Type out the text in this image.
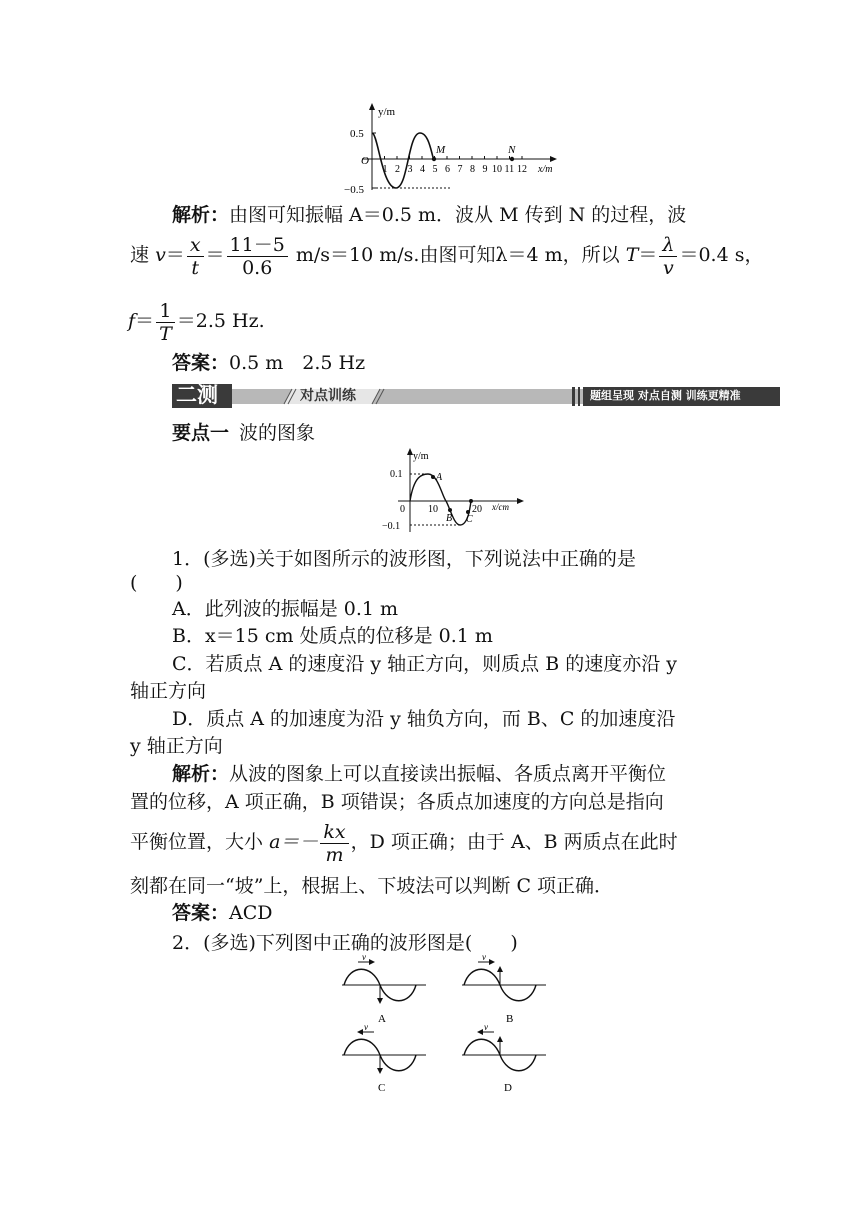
y/m
0.5
−0.5
O
1 2 3 4 5 6 7 8 9 10 11 12
M	N
x/m
解析：由图可知振幅 A＝0.5 m．波从 M 传到 N 的过程，波
速 $v= \frac{x}{t} = \frac{11-5}{0.6} m/s=10$ m/s.由图可知λ＝4 m，所以 $T= \frac{\lambda}{v} =0.4$ s，
$f= \frac{1}{T} =2.5$ Hz.
答案：0.5 m　2.5 Hz
二测	对点训练	题组呈现 对点自测 训练更精准
要点一 波的图象
y/m
0.1
−0.1
0
A
B C
10	20 x/cm
1．(多选)关于如图所示的波形图，下列说法中正确的是
(　　)
A．此列波的振幅是 0.1 m
B．x＝15 cm 处质点的位移是 0.1 m
C．若质点 A 的速度沿 y 轴正方向，则质点 B 的速度亦沿 y
轴正方向
D．质点 A 的加速度为沿 y 轴负方向，而 B、C 的加速度沿
y 轴正方向
解析：从波的图象上可以直接读出振幅、各质点离开平衡位
置的位移，A 项正确，B 项错误；各质点加速度的方向总是指向
平衡位置，大小 $a=- \frac{kx}{m}$ ，D 项正确；由于 A、B 两质点在此时
刻都在同一“坡”上，根据上、下坡法可以判断 C 项正确．
答案：ACD
2．(多选)下列图中正确的波形图是(　　)
v
A
v
B
v
C
v
D
